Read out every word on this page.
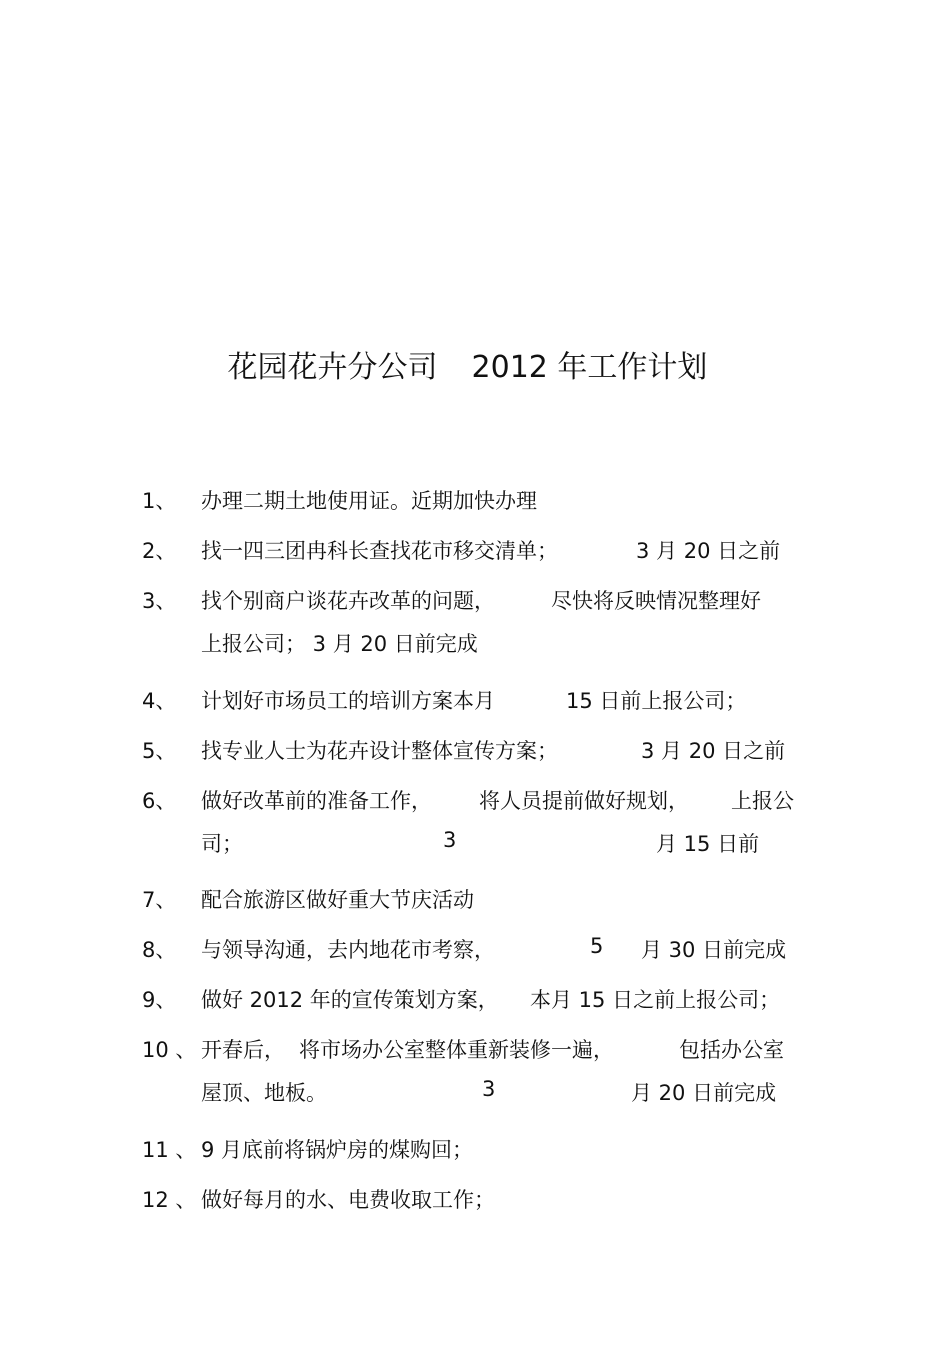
花园花卉分公司 2012 年工作计划
1、 办理二期土地使用证。近期加快办理
2、 找一四三团冉科长查找花市移交清单；	3 月 20 日之前
3、 找个别商户谈花卉改革的问题，	尽快将反映情况整理好
上报公司； 3 月 20 日前完成
4、 计划好市场员工的培训方案本月	15 日前上报公司；
5、 找专业人士为花卉设计整体宣传方案；	3 月 20 日之前
6、 做好改革前的准备工作， 将人员提前做好规划， 上报公
司；	3	月 15 日前
7、 配合旅游区做好重大节庆活动
8、 与领导沟通，去内地花市考察，	5 月 30 日前完成
9、 做好 2012 年的宣传策划方案， 本月 15 日之前上报公司；
10 、 开春后， 将市场办公室整体重新装修一遍，	包括办公室
屋顶、地板。	3	月 20 日前完成
11 、 9 月底前将锅炉房的煤购回；
12 、 做好每月的水、电费收取工作；
